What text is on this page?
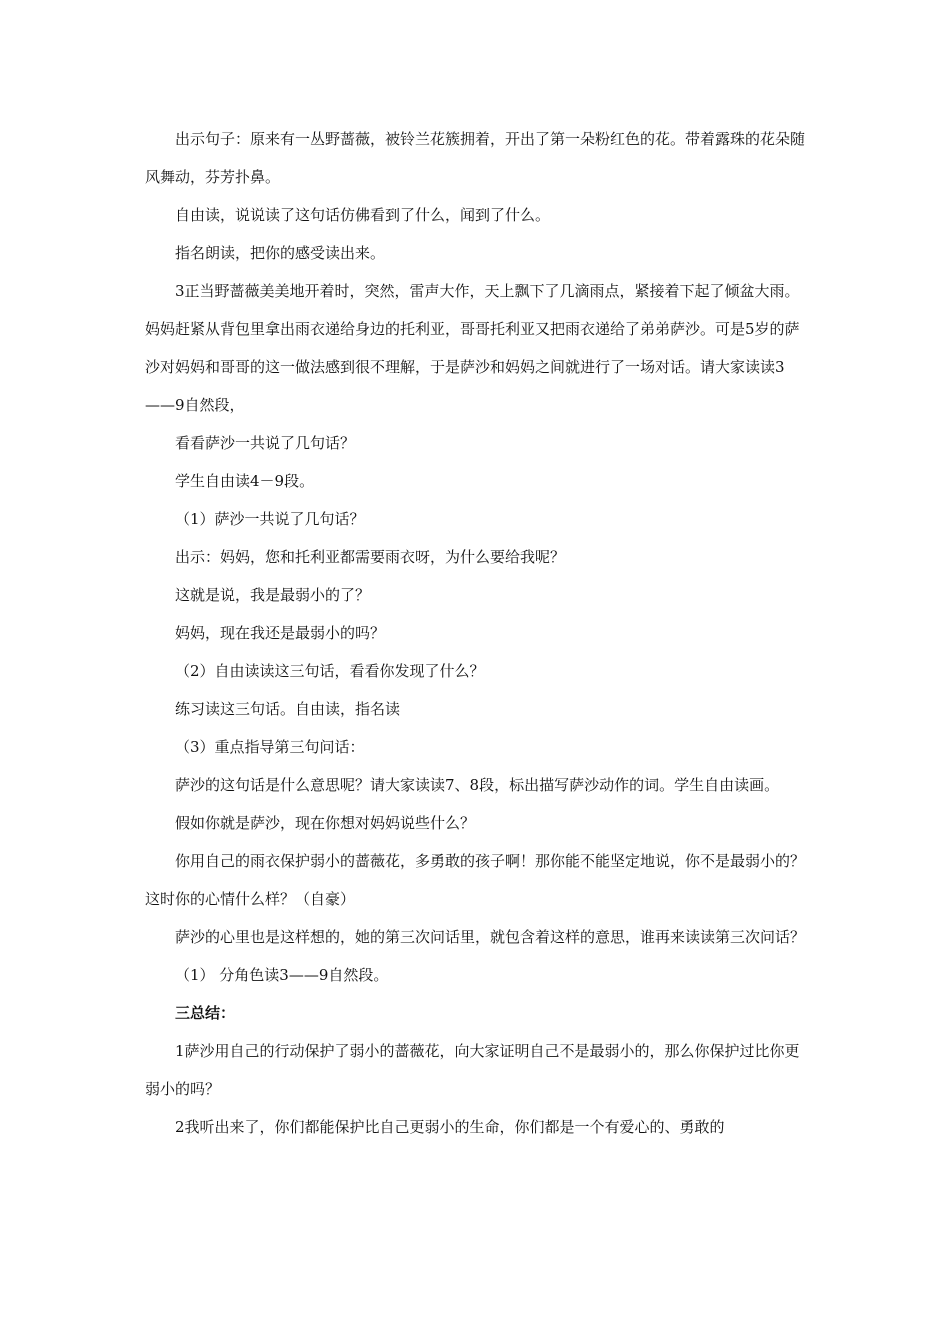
出示句子：原来有一丛野蔷薇，被铃兰花簇拥着，开出了第一朵粉红色的花。带着露珠的花朵随风舞动，芬芳扑鼻。

自由读，说说读了这句话仿佛看到了什么，闻到了什么。

指名朗读，把你的感受读出来。

3正当野蔷薇美美地开着时，突然，雷声大作，天上飘下了几滴雨点，紧接着下起了倾盆大雨。妈妈赶紧从背包里拿出雨衣递给身边的托利亚，哥哥托利亚又把雨衣递给了弟弟萨沙。可是5岁的萨沙对妈妈和哥哥的这一做法感到很不理解，于是萨沙和妈妈之间就进行了一场对话。请大家读读3——9自然段，

看看萨沙一共说了几句话？

学生自由读4－9段。

（1）萨沙一共说了几句话？

出示：妈妈，您和托利亚都需要雨衣呀，为什么要给我呢？

这就是说，我是最弱小的了？

妈妈，现在我还是最弱小的吗？

（2）自由读读这三句话，看看你发现了什么？

练习读这三句话。自由读，指名读

（3）重点指导第三句问话：

萨沙的这句话是什么意思呢？请大家读读7、8段，标出描写萨沙动作的词。学生自由读画。

假如你就是萨沙，现在你想对妈妈说些什么？

你用自己的雨衣保护弱小的蔷薇花，多勇敢的孩子啊！那你能不能坚定地说，你不是最弱小的？这时你的心情什么样？（自豪）

萨沙的心里也是这样想的，她的第三次问话里，就包含着这样的意思，谁再来读读第三次问话？

（1） 分角色读3——9自然段。

三总结：

1萨沙用自己的行动保护了弱小的蔷薇花，向大家证明自己不是最弱小的，那么你保护过比你更弱小的吗？

2我听出来了，你们都能保护比自己更弱小的生命，你们都是一个有爱心的、勇敢的
